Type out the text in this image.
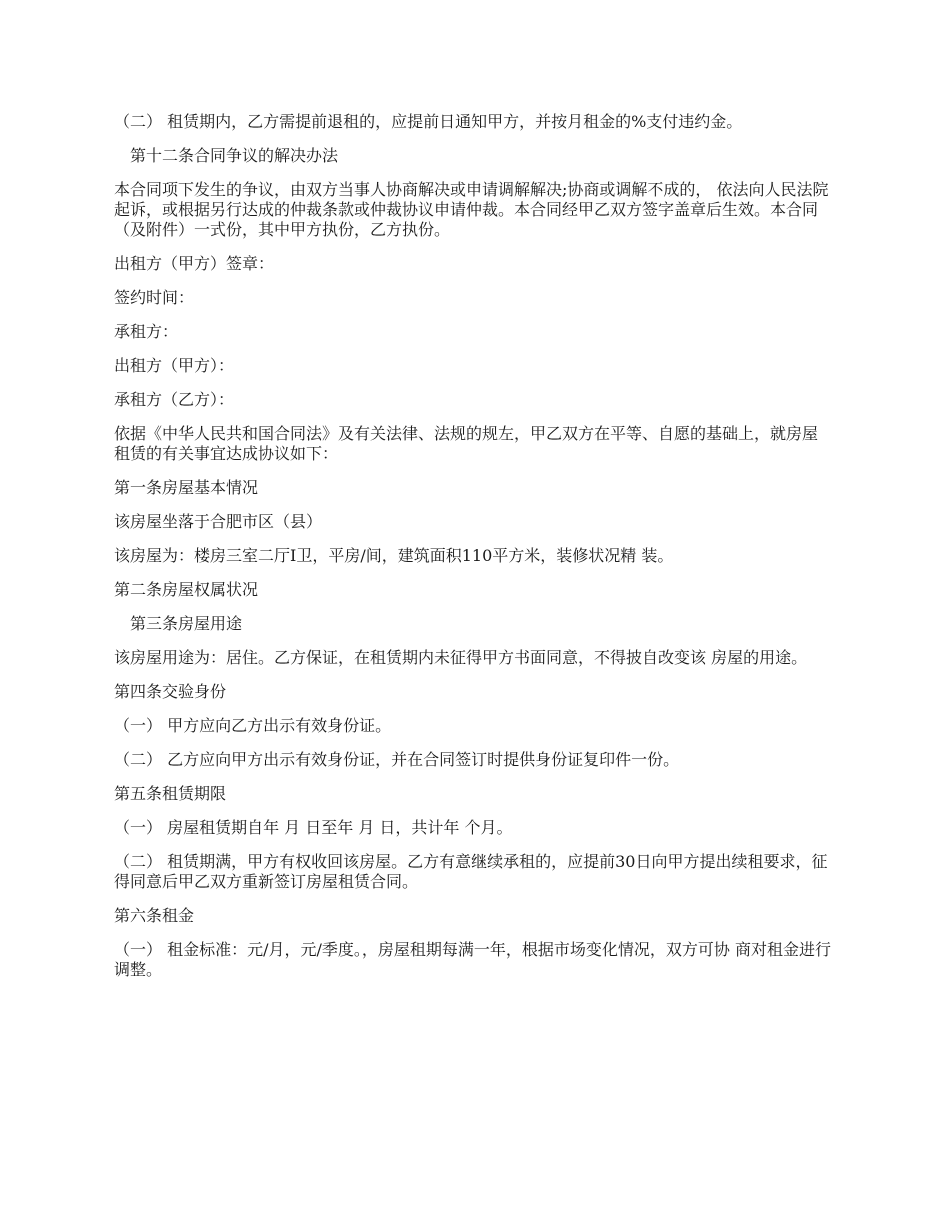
（二） 租赁期内，乙方需提前退租的，应提前日通知甲方，并按月租金的%支付违约金。

第十二条合同争议的解决办法

本合同项下发生的争议，由双方当事人协商解决或申请调解解决;协商或调解不成的， 依法向人民法院起诉，或根据另行达成的仲裁条款或仲裁协议申请仲裁。本合同经甲乙双方签字盖章后生效。本合同（及附件）一式份，其中甲方执份，乙方执份。

出租方（甲方）签章：

签约时间：

承租方：

出租方（甲方）：

承租方（乙方）：

依据《中华人民共和国合同法》及有关法律、法规的规左，甲乙双方在平等、自愿的基础上，就房屋租赁的有关事宜达成协议如下：

第一条房屋基本情况

该房屋坐落于合肥市区（县）

该房屋为：楼房三室二厅I卫，平房/间，建筑面积110平方米，装修状况精 装。

第二条房屋权属状况

第三条房屋用途

该房屋用途为：居住。乙方保证，在租赁期内未征得甲方书面同意，不得披自改变该 房屋的用途。

第四条交验身份

（一） 甲方应向乙方出示有效身份证。

（二） 乙方应向甲方出示有效身份证，并在合同签订时提供身份证复印件一份。

第五条租赁期限

（一） 房屋租赁期自年 月 日至年 月 日，共计年 个月。

（二） 租赁期满，甲方有权收回该房屋。乙方有意继续承租的，应提前30日向甲方提出续租要求，征得同意后甲乙双方重新签订房屋租赁合同。

第六条租金

（一） 租金标准：元/月，元/季度。，房屋租期每满一年，根据市场变化情况，双方可协 商对租金进行调整。
